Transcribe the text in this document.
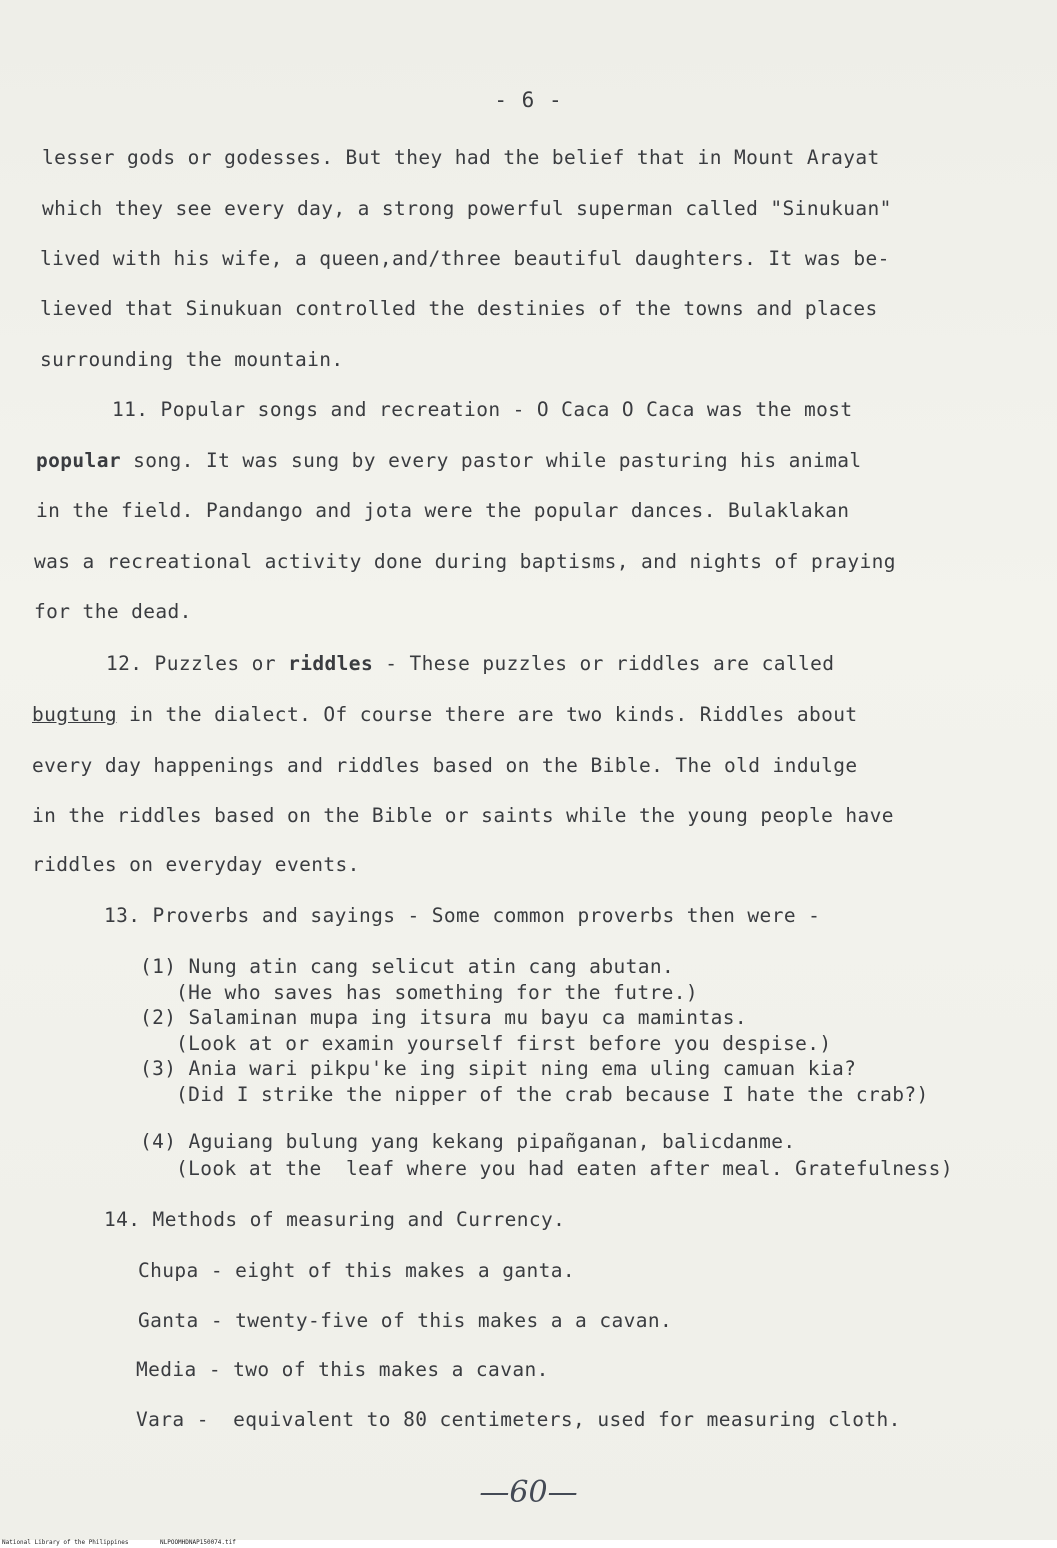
- 6 -
lesser gods or godesses. But they had the belief that in Mount Arayat
which they see every day, a strong powerful superman called "Sinukuan"
lived with his wife, a queen,and/three beautiful daughters. It was be-
lieved that Sinukuan controlled the destinies of the towns and places
surrounding the mountain.
11. Popular songs and recreation - O Caca O Caca was the most
popular song. It was sung by every pastor while pasturing his animal
in the field. Pandango and jota were the popular dances. Bulaklakan
was a recreational activity done during baptisms, and nights of praying
for the dead.
12. Puzzles or riddles - These puzzles or riddles are called
bugtung in the dialect. Of course there are two kinds. Riddles about
every day happenings and riddles based on the Bible. The old indulge
in the riddles based on the Bible or saints while the young people have
riddles on everyday events.
13. Proverbs and sayings - Some common proverbs then were -
(1) Nung atin cang selicut atin cang abutan.
(He who saves has something for the futre.)
(2) Salaminan mupa ing itsura mu bayu ca mamintas.
(Look at or examin yourself first before you despise.)
(3) Ania wari pikpu'ke ing sipit ning ema uling camuan kia?
(Did I strike the nipper of the crab because I hate the crab?)
(4) Aguiang bulung yang kekang pipañganan, balicdanme.
(Look at the  leaf where you had eaten after meal. Gratefulness)
14. Methods of measuring and Currency.
Chupa - eight of this makes a ganta.
Ganta - twenty-five of this makes a a cavan.
Media - two of this makes a cavan.
Vara -  equivalent to 80 centimeters, used for measuring cloth.
—60—
National Library of the Philippines	NLPOOMHDNAP150074.tif
